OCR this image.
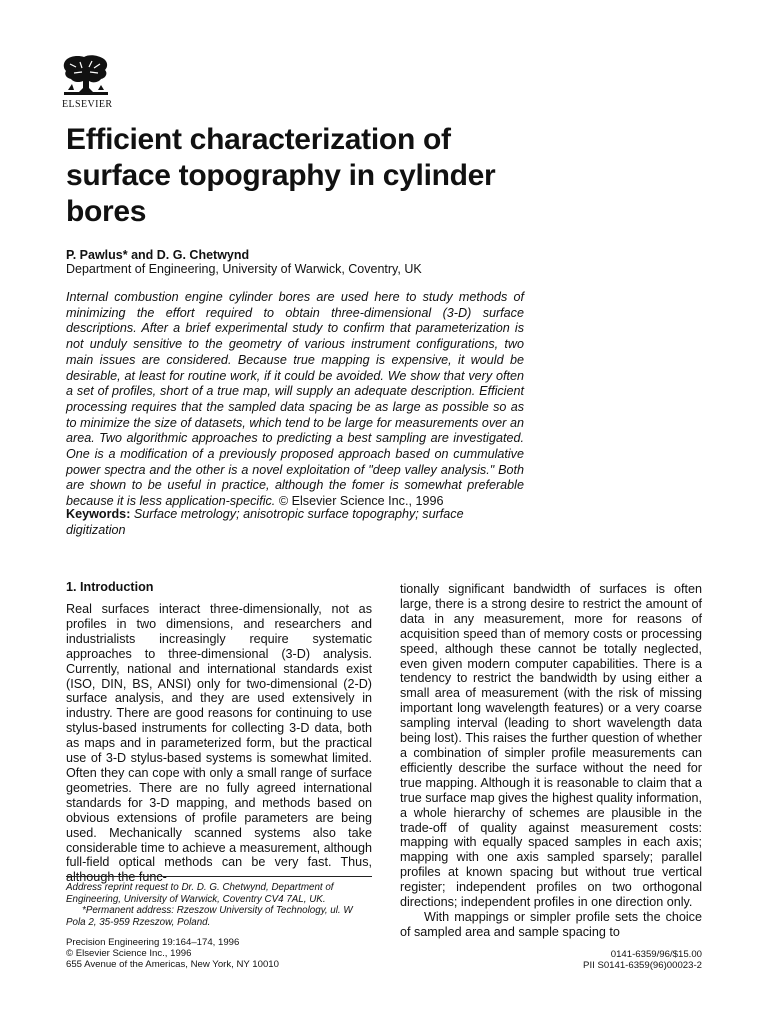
ELSEVIER
Efficient characterization of surface topography in cylinder bores
P. Pawlus* and D. G. Chetwynd
Department of Engineering, University of Warwick, Coventry, UK

Internal combustion engine cylinder bores are used here to study methods of minimizing the effort required to obtain three-dimensional (3-D) surface descriptions. After a brief experimental study to confirm that parameterization is not unduly sensitive to the geometry of various instrument configurations, two main issues are considered. Because true mapping is expensive, it would be desirable, at least for routine work, if it could be avoided. We show that very often a set of profiles, short of a true map, will supply an adequate description. Efficient processing requires that the sampled data spacing be as large as possible so as to minimize the size of datasets, which tend to be large for measurements over an area. Two algorithmic approaches to predicting a best sampling are investigated. One is a modification of a previously proposed approach based on cummulative power spectra and the other is a novel exploitation of "deep valley analysis." Both are shown to be useful in practice, although the fomer is somewhat preferable because it is less application-specific. © Elsevier Science Inc., 1996

Keywords: Surface metrology; anisotropic surface topography; surface digitization
1. Introduction

Real surfaces interact three-dimensionally, not as profiles in two dimensions, and researchers and industrialists increasingly require systematic approaches to three-dimensional (3-D) analysis. Currently, national and international standards exist (ISO, DIN, BS, ANSI) only for two-dimensional (2-D) surface analysis, and they are used extensively in industry. There are good reasons for continuing to use stylus-based instruments for collecting 3-D data, both as maps and in parameterized form, but the practical use of 3-D stylus-based systems is somewhat limited. Often they can cope with only a small range of surface geometries. There are no fully agreed international standards for 3-D mapping, and methods based on obvious extensions of profile parameters are being used. Mechanically scanned systems also take considerable time to achieve a measurement, although full-field optical methods can be very fast. Thus, although the func-

Address reprint request to Dr. D. G. Chetwynd, Department of Engineering, University of Warwick, Coventry CV4 7AL, UK.

*Permanent address: Rzeszow University of Technology, ul. W Pola 2, 35-959 Rzeszow, Poland.

tionally significant bandwidth of surfaces is often large, there is a strong desire to restrict the amount of data in any measurement, more for reasons of acquisition speed than of memory costs or processing speed, although these cannot be totally neglected, even given modern computer capabilities. There is a tendency to restrict the bandwidth by using either a small area of measurement (with the risk of missing important long wavelength features) or a very coarse sampling interval (leading to short wavelength data being lost). This raises the further question of whether a combination of simpler profile measurements can efficiently describe the surface without the need for true mapping. Although it is reasonable to claim that a true surface map gives the highest quality information, a whole hierarchy of schemes are plausible in the trade-off of quality against measurement costs: mapping with equally spaced samples in each axis; mapping with one axis sampled sparsely; parallel profiles at known spacing but without true vertical register; independent profiles on two orthogonal directions; independent profiles in one direction only.

With mappings or simpler profile sets the choice of sampled area and sample spacing to

Precision Engineering 19:164–174, 1996
© Elsevier Science Inc., 1996
655 Avenue of the Americas, New York, NY 10010
0141-6359/96/$15.00
PII S0141-6359(96)00023-2
